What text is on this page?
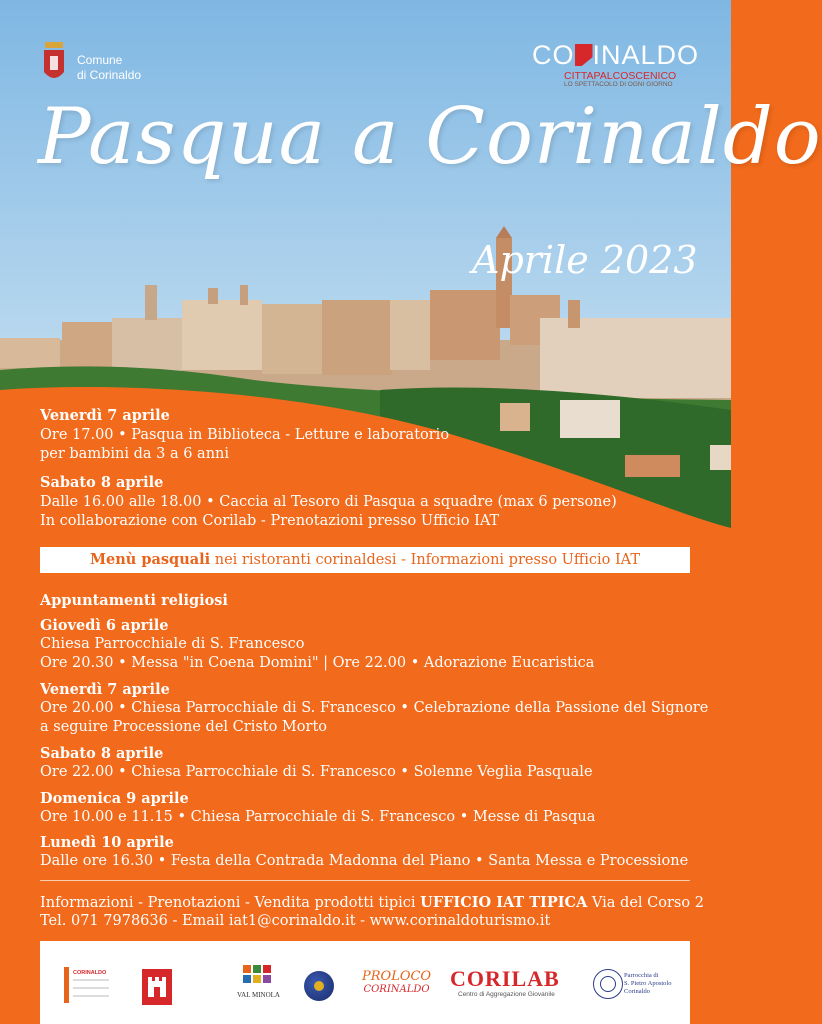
Comune
di Corinaldo
CO INALDO
CITTAPALCOSCENICO
LO SPETTACOLO DI OGNI GIORNO
Pasqua a Corinaldo
Aprile 2023
Venerdì 7 aprile
Ore 17.00 • Pasqua in Biblioteca - Letture e laboratorio
per bambini da 3 a 6 anni
Sabato 8 aprile
Dalle 16.00 alle 18.00 • Caccia al Tesoro di Pasqua a squadre (max 6 persone)
In collaborazione con Corilab - Prenotazioni presso Ufficio IAT
Menù pasquali nei ristoranti corinaldesi - Informazioni presso Ufficio IAT
Appuntamenti religiosi
Giovedì 6 aprile
Chiesa Parrocchiale di S. Francesco
Ore 20.30 • Messa "in Coena Domini" | Ore 22.00 • Adorazione Eucaristica
Venerdì 7 aprile
Ore 20.00 • Chiesa Parrocchiale di S. Francesco • Celebrazione della Passione del Signore
a seguire Processione del Cristo Morto
Sabato 8 aprile
Ore 22.00 • Chiesa Parrocchiale di S. Francesco • Solenne Veglia Pasquale
Domenica 9 aprile
Ore 10.00 e 11.15 • Chiesa Parrocchiale di S. Francesco • Messe di Pasqua
Lunedì 10 aprile
Dalle ore 16.30 • Festa della Contrada Madonna del Piano • Santa Messa e Processione
Informazioni - Prenotazioni - Vendita prodotti tipici UFFICIO IAT TIPICA Via del Corso 2
Tel. 071 7978636 - Email iat1@corinaldo.it - www.corinaldoturismo.it
CORINALDO	I Borghi
più belli
d'Italia	VAL MINOLA
PROLOCO
CORINALDO CORILAB
Centro di Aggregazione Giovanile
Parrocchia di
S. Pietro Apostolo
Corinaldo
